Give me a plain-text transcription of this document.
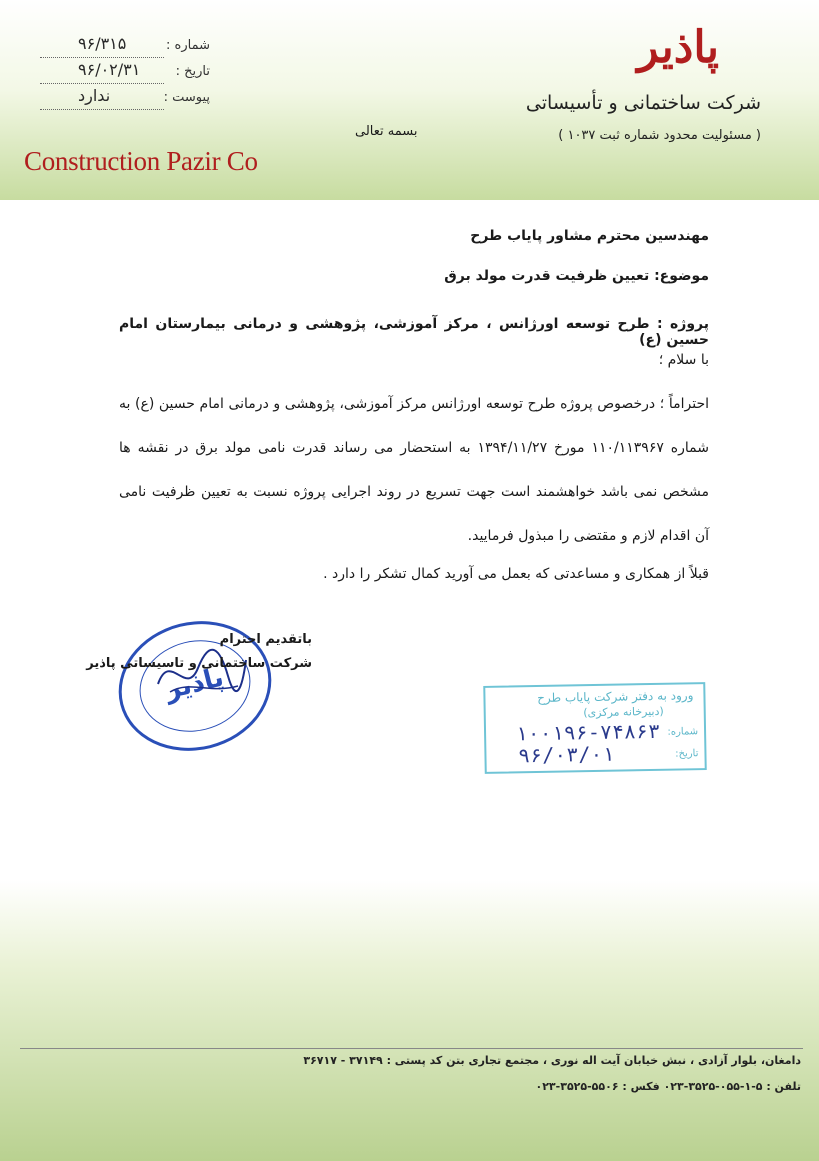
پاذیر
شرکت ساختمانی و تأسیساتی
( مسئولیت محدود شماره ثبت ۱۰۳۷ )
Construction Pazir Co
بسمه تعالی
شماره :
۹۶/۳۱۵
تاریخ :
۹۶/۰۲/۳۱
پیوست :
ندارد
مهندسین محترم مشاور پایاب طرح
موضوع: تعیین ظرفیت قدرت مولد برق
پروژه : طرح توسعه اورژانس ، مرکز آموزشی، پژوهشی و درمانی بیمارستان امام حسین (ع)
با سلام ؛
احتراماً ؛ درخصوص پروژه طرح توسعه اورژانس مرکز آموزشی، پژوهشی و درمانی امام حسین (ع) به شماره ۱۱۰/۱۱۳۹۶۷ مورخ ۱۳۹۴/۱۱/۲۷ به استحضار می رساند قدرت نامی مولد برق در نقشه ها مشخص نمی باشد خواهشمند است جهت تسریع در روند اجرایی پروژه نسبت به تعیین ظرفیت نامی آن اقدام لازم و مقتضی را مبذول فرمایید.
قبلاً از همکاری و مساعدتی که بعمل می آورید کمال تشکر را دارد .
پاذیر
باتقدیم احترام
شرکت ساختمانی و تاسیساتی پاذیر
ورود به دفتر شرکت پایاب طرح
(دبیرخانه مرکزی)
شماره:
۱۰۰۱۹۶-۷۴۸۶۳
تاریخ:
۹۶/۰۳/۰۱
دامغان، بلوار آزادی ، نبش خیابان آیت اله نوری ، مجتمع تجاری بتن کد پستی : ۳۷۱۴۹ - ۳۶۷۱۷
تلفن : ۵-۱-۰۵۵-۳۵۲۵-۰۲۳ فکس : ۵۵۰۶-۳۵۲۵-۰۲۳
